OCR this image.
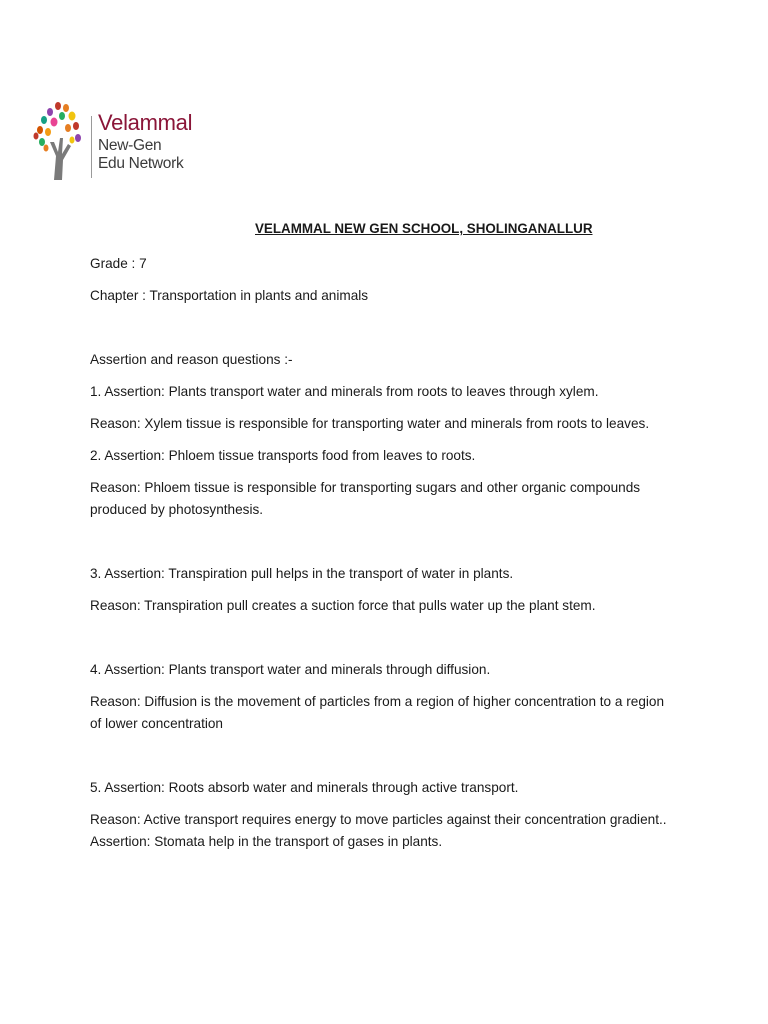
Velammal
New-Gen
Edu Network
VELAMMAL NEW GEN SCHOOL, SHOLINGANALLUR

Grade : 7

Chapter : Transportation in plants and animals

Assertion and reason questions :-

1. Assertion: Plants transport water and minerals from roots to leaves through xylem.

Reason: Xylem tissue is responsible for transporting water and minerals from roots to leaves.

2. Assertion: Phloem tissue transports food from leaves to roots.

Reason: Phloem tissue is responsible for transporting sugars and other organic compounds produced by photosynthesis.

3. Assertion: Transpiration pull helps in the transport of water in plants.

Reason: Transpiration pull creates a suction force that pulls water up the plant stem.

4. Assertion: Plants transport water and minerals through diffusion.

Reason: Diffusion is the movement of particles from a region of higher concentration to a region of lower concentration

5. Assertion: Roots absorb water and minerals through active transport.

Reason: Active transport requires energy to move particles against their concentration gradient.. Assertion: Stomata help in the transport of gases in plants.
